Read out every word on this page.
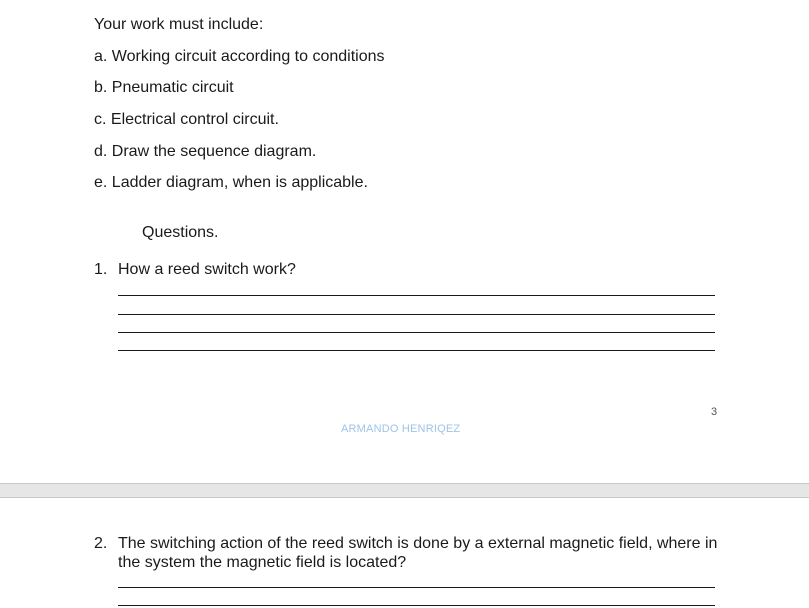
Your work must include:
a. Working circuit according to conditions
b. Pneumatic circuit
c. Electrical control circuit.
d. Draw the sequence diagram.
e. Ladder diagram, when is applicable.
Questions.
1. How a reed switch work?
3
ARMANDO HENRIQEZ
2. The switching action of the reed switch is done by a external magnetic field, where in
the system the magnetic field is located?
